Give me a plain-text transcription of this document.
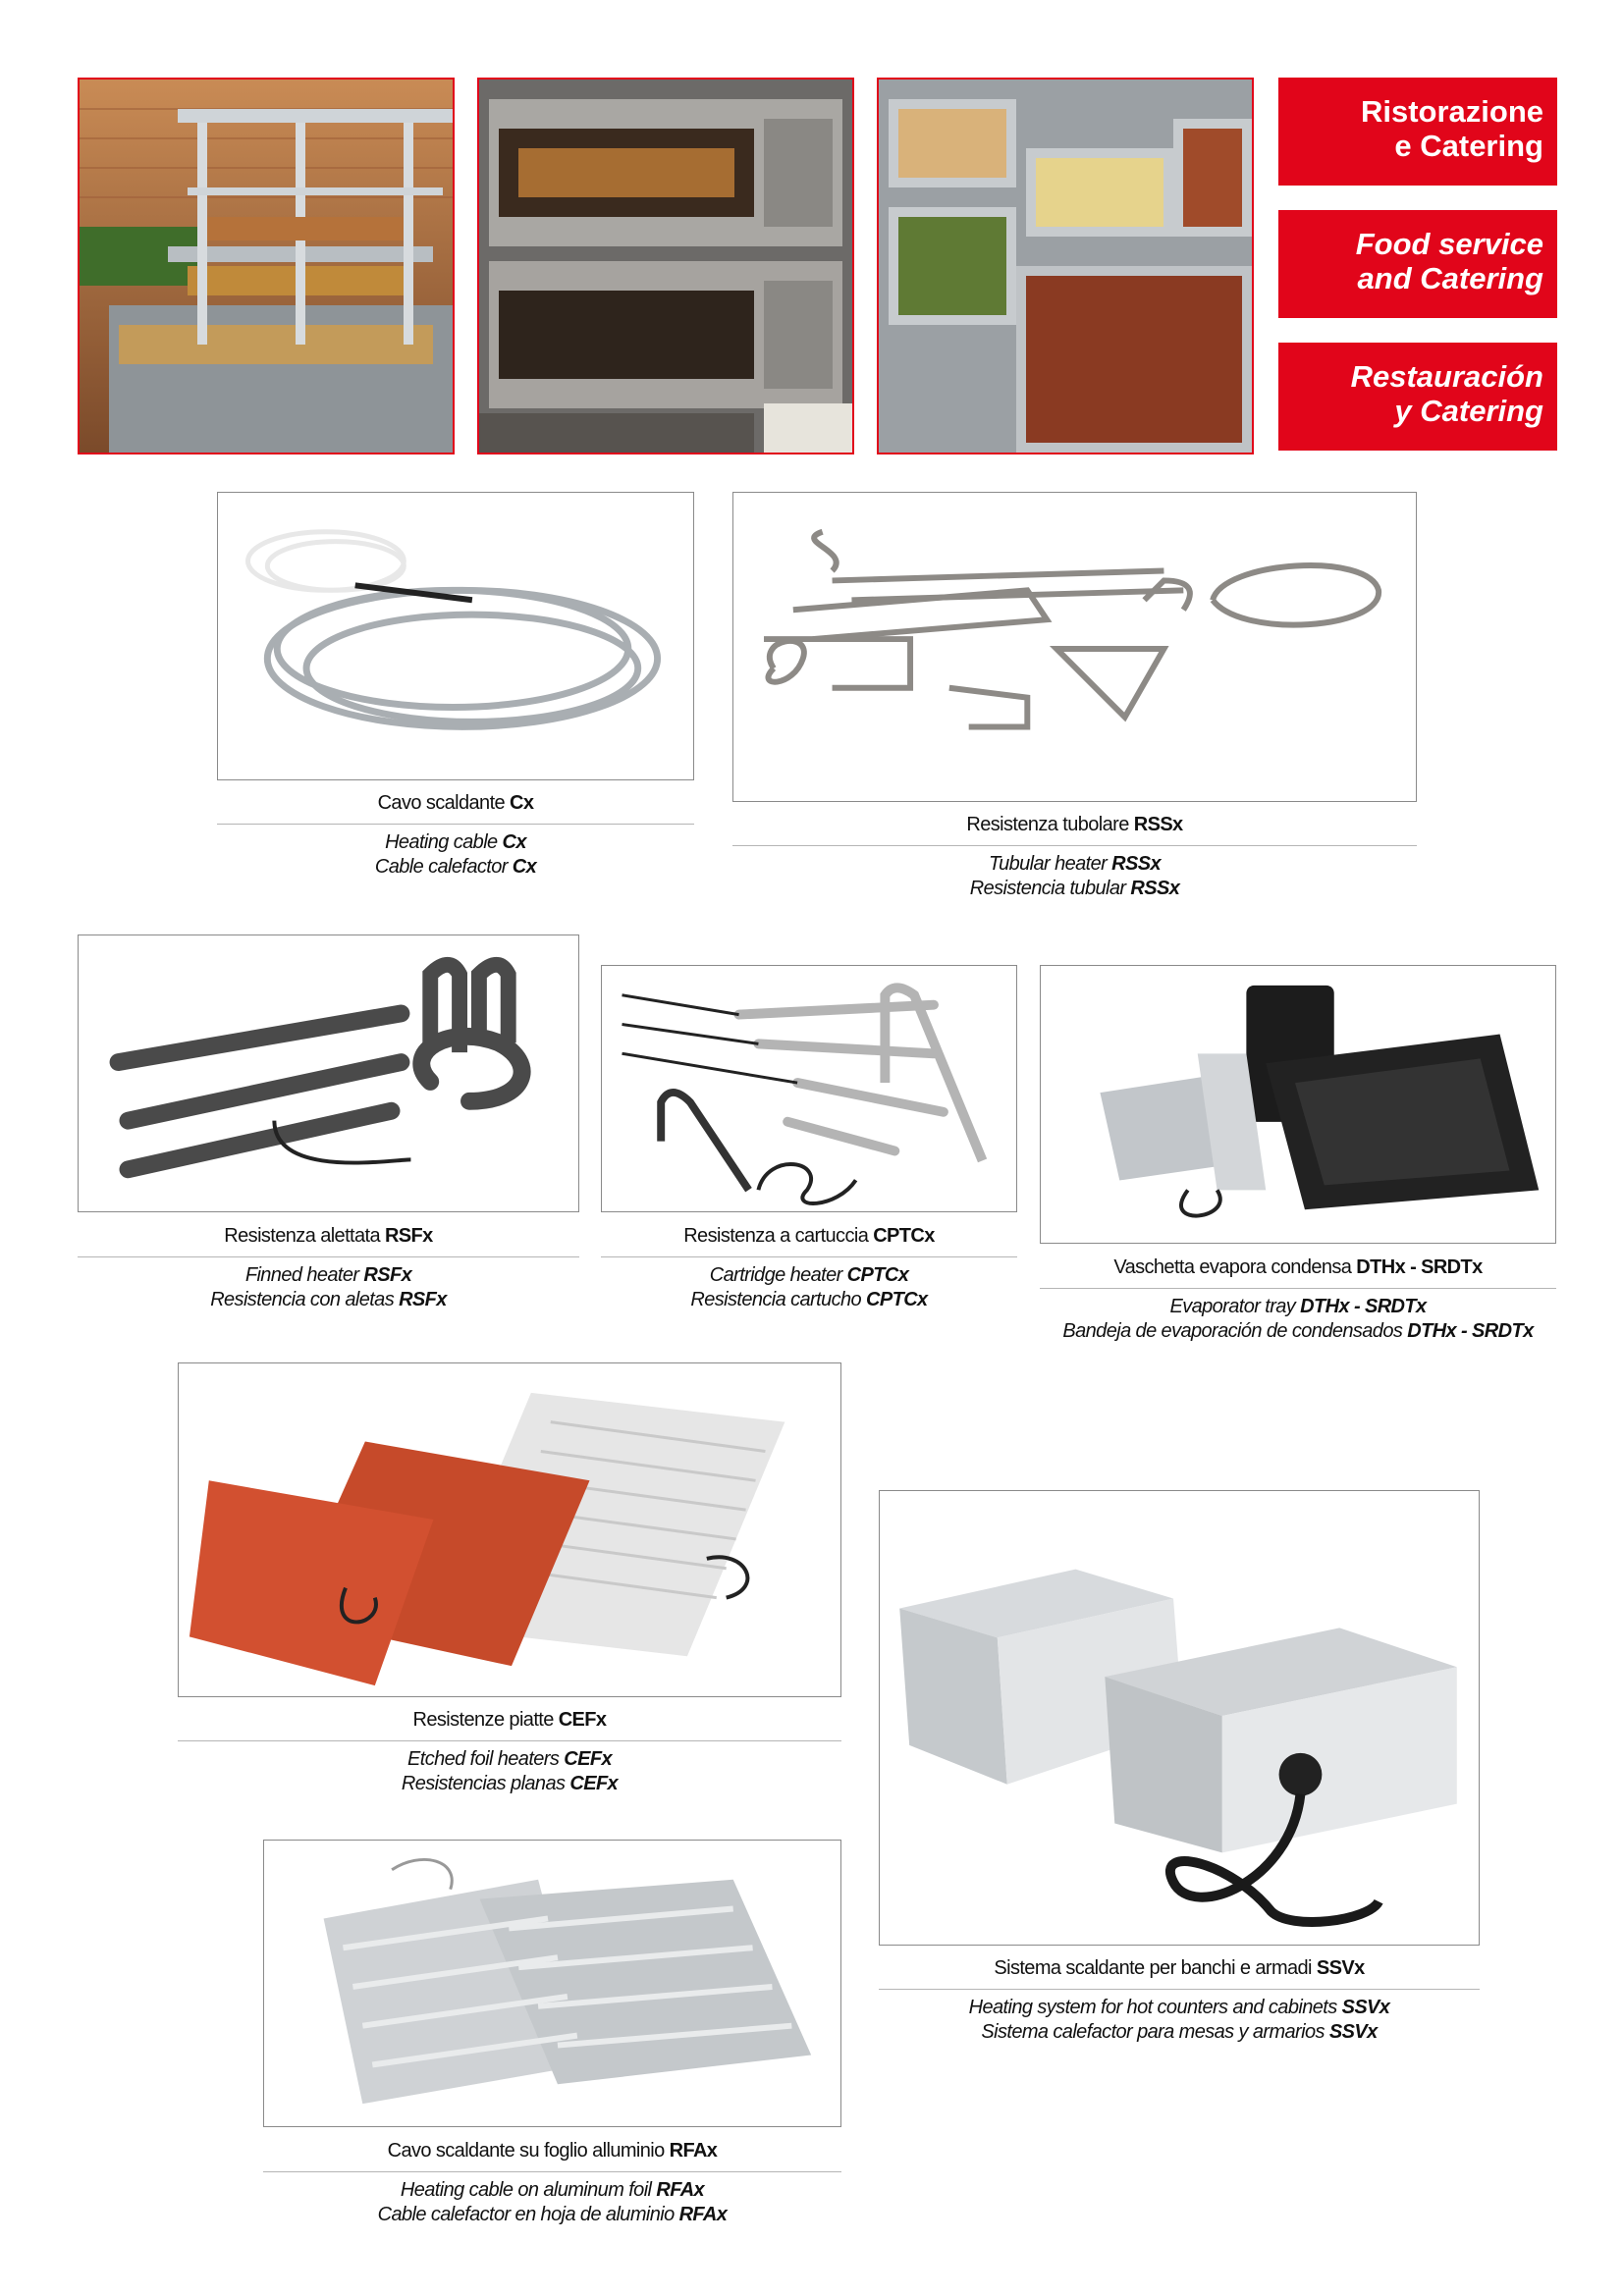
Ristorazione
e Catering
Food service
and Catering
Restauración
y Catering
Cavo scaldante Cx
Heating cable Cx
Cable calefactor Cx
Resistenza tubolare RSSx
Tubular heater RSSx
Resistencia tubular RSSx
Resistenza alettata RSFx
Finned heater RSFx
Resistencia con aletas RSFx
Resistenza a cartuccia CPTCx
Cartridge heater CPTCx
Resistencia cartucho CPTCx
Vaschetta evapora condensa DTHx - SRDTx
Evaporator tray DTHx - SRDTx
Bandeja de evaporación de condensados DTHx - SRDTx
Resistenze piatte CEFx
Etched foil heaters CEFx
Resistencias planas CEFx
Sistema scaldante per banchi e armadi SSVx
Heating system for hot counters and cabinets SSVx
Sistema calefactor para mesas y armarios SSVx
Cavo scaldante su foglio alluminio RFAx
Heating cable on aluminum foil RFAx
Cable calefactor en hoja de aluminio RFAx
